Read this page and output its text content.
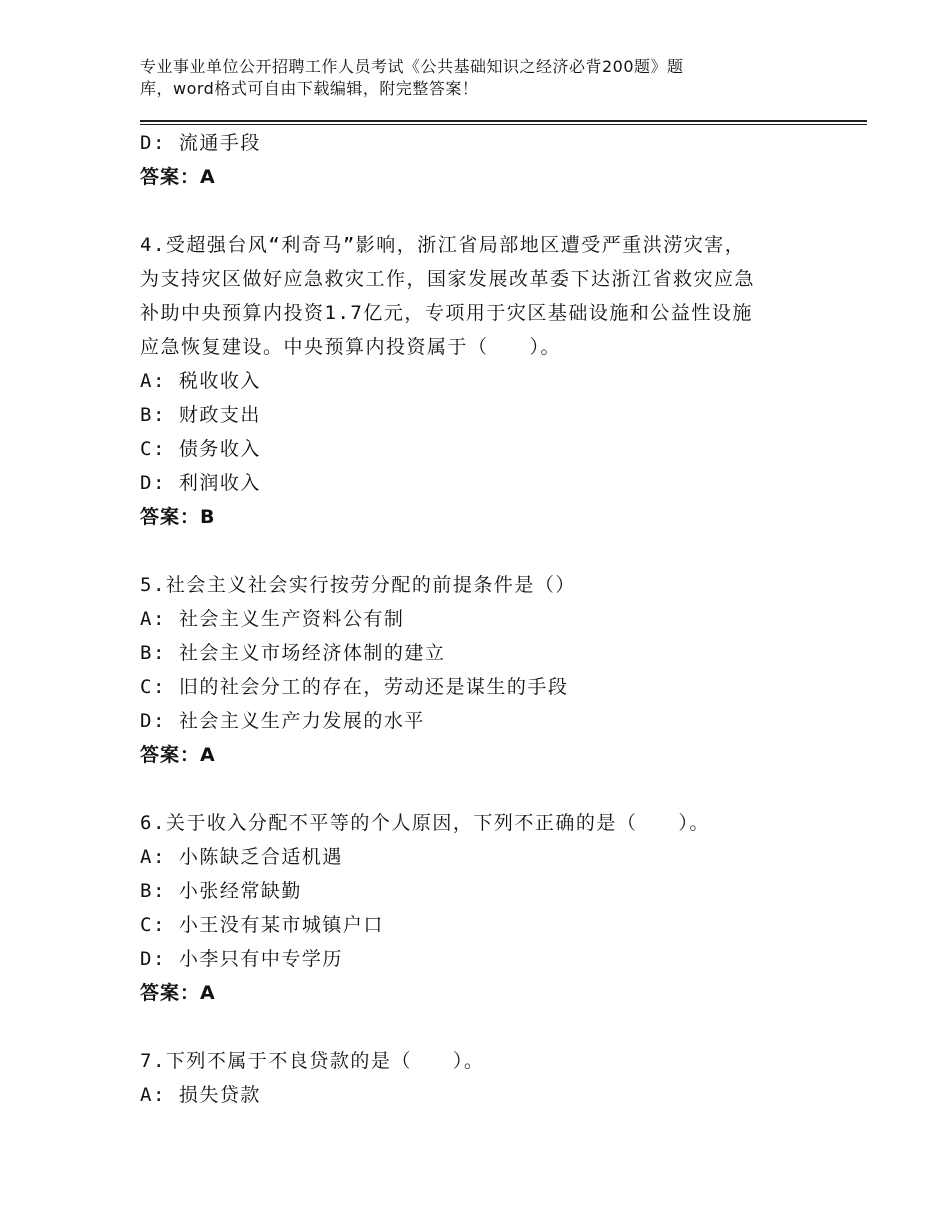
专业事业单位公开招聘工作人员考试《公共基础知识之经济必背200题》题
库，word格式可自由下载编辑，附完整答案！
D: 流通手段
答案：A
4.受超强台风“利奇马”影响，浙江省局部地区遭受严重洪涝灾害，
为支持灾区做好应急救灾工作，国家发展改革委下达浙江省救灾应急
补助中央预算内投资1.7亿元，专项用于灾区基础设施和公益性设施
应急恢复建设。中央预算内投资属于（　　）。
A: 税收收入
B: 财政支出
C: 债务收入
D: 利润收入
答案：B
5.社会主义社会实行按劳分配的前提条件是（）
A: 社会主义生产资料公有制
B: 社会主义市场经济体制的建立
C: 旧的社会分工的存在，劳动还是谋生的手段
D: 社会主义生产力发展的水平
答案：A
6.关于收入分配不平等的个人原因，下列不正确的是（　　）。
A: 小陈缺乏合适机遇
B: 小张经常缺勤
C: 小王没有某市城镇户口
D: 小李只有中专学历
答案：A
7.下列不属于不良贷款的是（　　）。
A: 损失贷款
